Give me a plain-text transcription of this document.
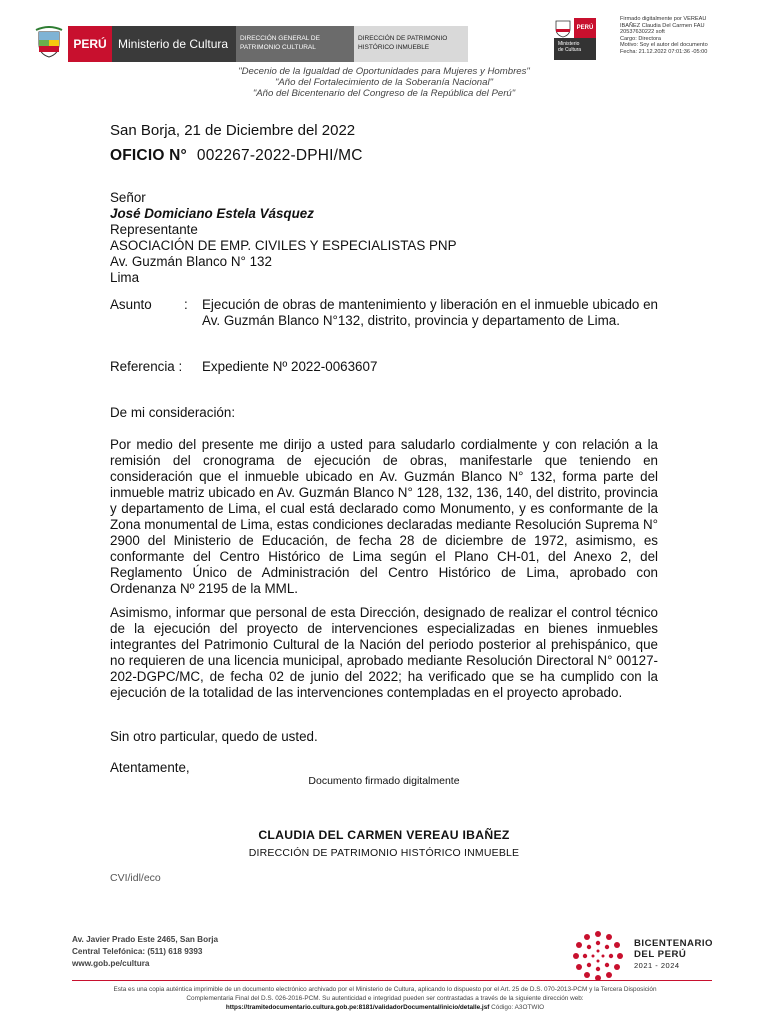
PERÚ Ministerio de Cultura	DIRECCIÓN GENERAL DE
PATRIMONIO CULTURAL
DIRECCIÓN DE PATRIMONIO
HISTÓRICO INMUEBLE
PERÚ
Ministerio
de Cultura
Firmado digitalmente por VEREAU
IBAÑEZ Claudia Del Carmen FAU
20537630222 soft
Cargo: Directora
Motivo: Soy el autor del documento
Fecha: 21.12.2022 07:01:36 -05:00
"Decenio de la Igualdad de Oportunidades para Mujeres y Hombres"
"Año del Fortalecimiento de la Soberanía Nacional"
"Año del Bicentenario del Congreso de la República del Perú"
San Borja, 21 de Diciembre del 2022
OFICIO N° 002267-2022-DPHI/MC
Señor
José Domiciano Estela Vásquez
Representante
ASOCIACIÓN DE EMP. CIVILES Y ESPECIALISTAS PNP
Av. Guzmán Blanco N° 132
Lima
Asunto : Ejecución de obras de mantenimiento y liberación en el inmueble ubicado en Av. Guzmán Blanco N°132, distrito, provincia y departamento de Lima.
Referencia : Expediente Nº 2022-0063607
De mi consideración:
Por medio del presente me dirijo a usted para saludarlo cordialmente y con relación a la remisión del cronograma de ejecución de obras, manifestarle que teniendo en consideración que el inmueble ubicado en Av. Guzmán Blanco N° 132, forma parte del inmueble matriz ubicado en Av. Guzmán Blanco N° 128, 132, 136, 140, del distrito, provincia y departamento de Lima, el cual está declarado como Monumento, y es conformante de la Zona monumental de Lima, estas condiciones declaradas mediante Resolución Suprema N° 2900 del Ministerio de Educación, de fecha 28 de diciembre de 1972, asimismo, es conformante del Centro Histórico de Lima según el Plano CH-01, del Anexo 2, del Reglamento Único de Administración del Centro Histórico de Lima, aprobado con Ordenanza Nº 2195 de la MML.
Asimismo, informar que personal de esta Dirección, designado de realizar el control técnico de la ejecución del proyecto de intervenciones especializadas en bienes inmuebles integrantes del Patrimonio Cultural de la Nación del periodo posterior al prehispánico, que no requieren de una licencia municipal, aprobado mediante Resolución Directoral N° 00127-202-DGPC/MC, de fecha 02 de junio del 2022; ha verificado que se ha cumplido con la ejecución de la totalidad de las intervenciones contempladas en el proyecto aprobado.
Sin otro particular, quedo de usted.
Atentamente,
Documento firmado digitalmente
CLAUDIA DEL CARMEN VEREAU IBAÑEZ
DIRECCIÓN DE PATRIMONIO HISTÓRICO INMUEBLE
CVI/idl/eco
Av. Javier Prado Este 2465, San Borja
Central Telefónica: (511) 618 9393
www.gob.pe/cultura
BICENTENARIO
DEL PERÚ
2021 - 2024
Esta es una copia auténtica imprimible de un documento electrónico archivado por el Ministerio de Cultura, aplicando lo dispuesto por el Art. 25 de D.S. 070-2013-PCM y la Tercera Disposición
Complementaria Final del D.S. 026-2016-PCM. Su autenticidad e integridad pueden ser contrastadas a través de la siguiente dirección web:
https://tramitedocumentario.cultura.gob.pe:8181/validadorDocumental/inicio/detalle.jsf Código: A3OTWIO
